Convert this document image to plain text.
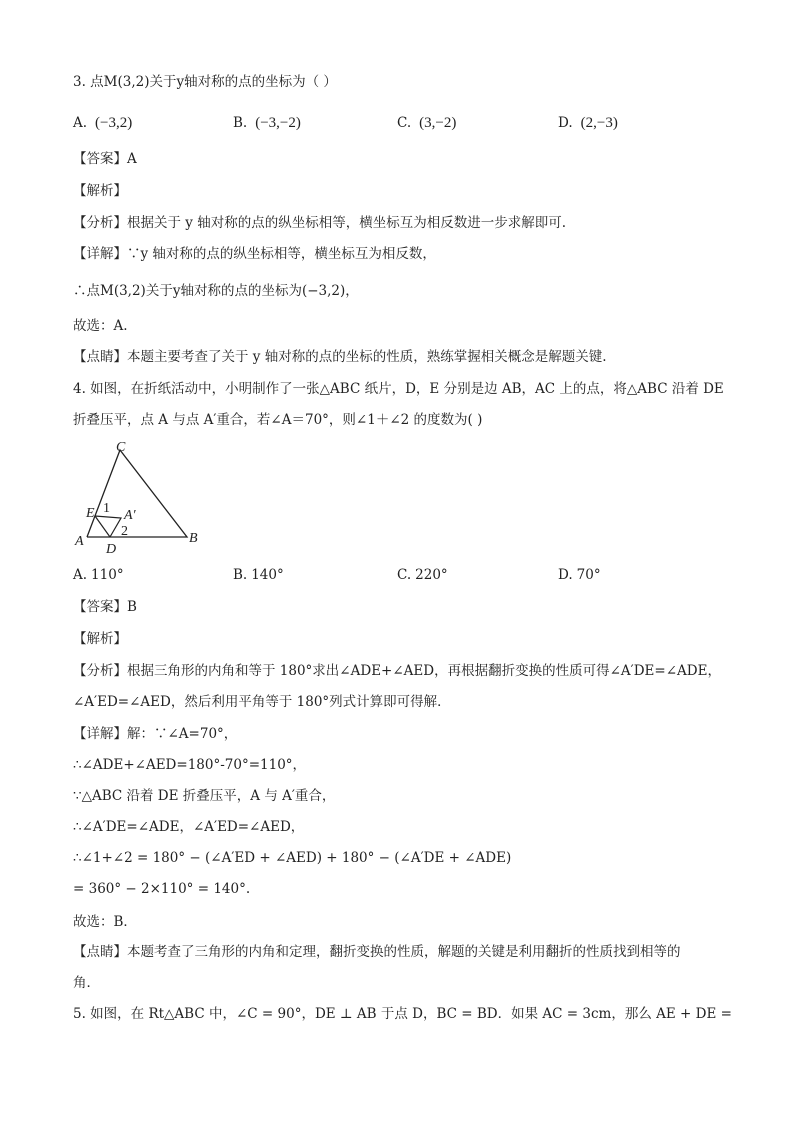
3. 点M(3,2)关于y轴对称的点的坐标为（ ）
A. (−3,2)	B. (−3,−2)	C. (3,−2)	D. (2,−3)
【答案】A
【解析】
【分析】根据关于 y 轴对称的点的纵坐标相等，横坐标互为相反数进一步求解即可.
【详解】∵y 轴对称的点的纵坐标相等，横坐标互为相反数，
∴点M(3,2)关于y轴对称的点的坐标为(−3,2)，
故选：A.
【点睛】本题主要考查了关于 y 轴对称的点的坐标的性质，熟练掌握相关概念是解题关键.
4. 如图，在折纸活动中，小明制作了一张△ABC 纸片，D，E 分别是边 AB，AC 上的点，将△ABC 沿着 DE
折叠压平，点 A 与点 A′重合，若∠A＝70°，则∠1＋∠2 的度数为( )
C
E 1 A′
A
2
D
B
A. 110°	B. 140°	C. 220°	D. 70°
【答案】B
【解析】
【分析】根据三角形的内角和等于 180°求出∠ADE+∠AED，再根据翻折变换的性质可得∠A′DE=∠ADE，
∠A′ED=∠AED，然后利用平角等于 180°列式计算即可得解．
【详解】解：∵∠A=70°，
∴∠ADE+∠AED=180°-70°=110°，
∵△ABC 沿着 DE 折叠压平，A 与 A′重合，
∴∠A′DE=∠ADE，∠A′ED=∠AED，
∴∠1+∠2 = 180° − (∠A′ED + ∠AED) + 180° − (∠A′DE + ∠ADE)
= 360° − 2×110° = 140°.
故选：B．
【点睛】本题考查了三角形的内角和定理，翻折变换的性质，解题的关键是利用翻折的性质找到相等的
角．
5. 如图，在 Rt△ABC 中，∠C = 90°，DE ⊥ AB 于点 D，BC = BD．如果 AC = 3cm，那么 AE + DE =
